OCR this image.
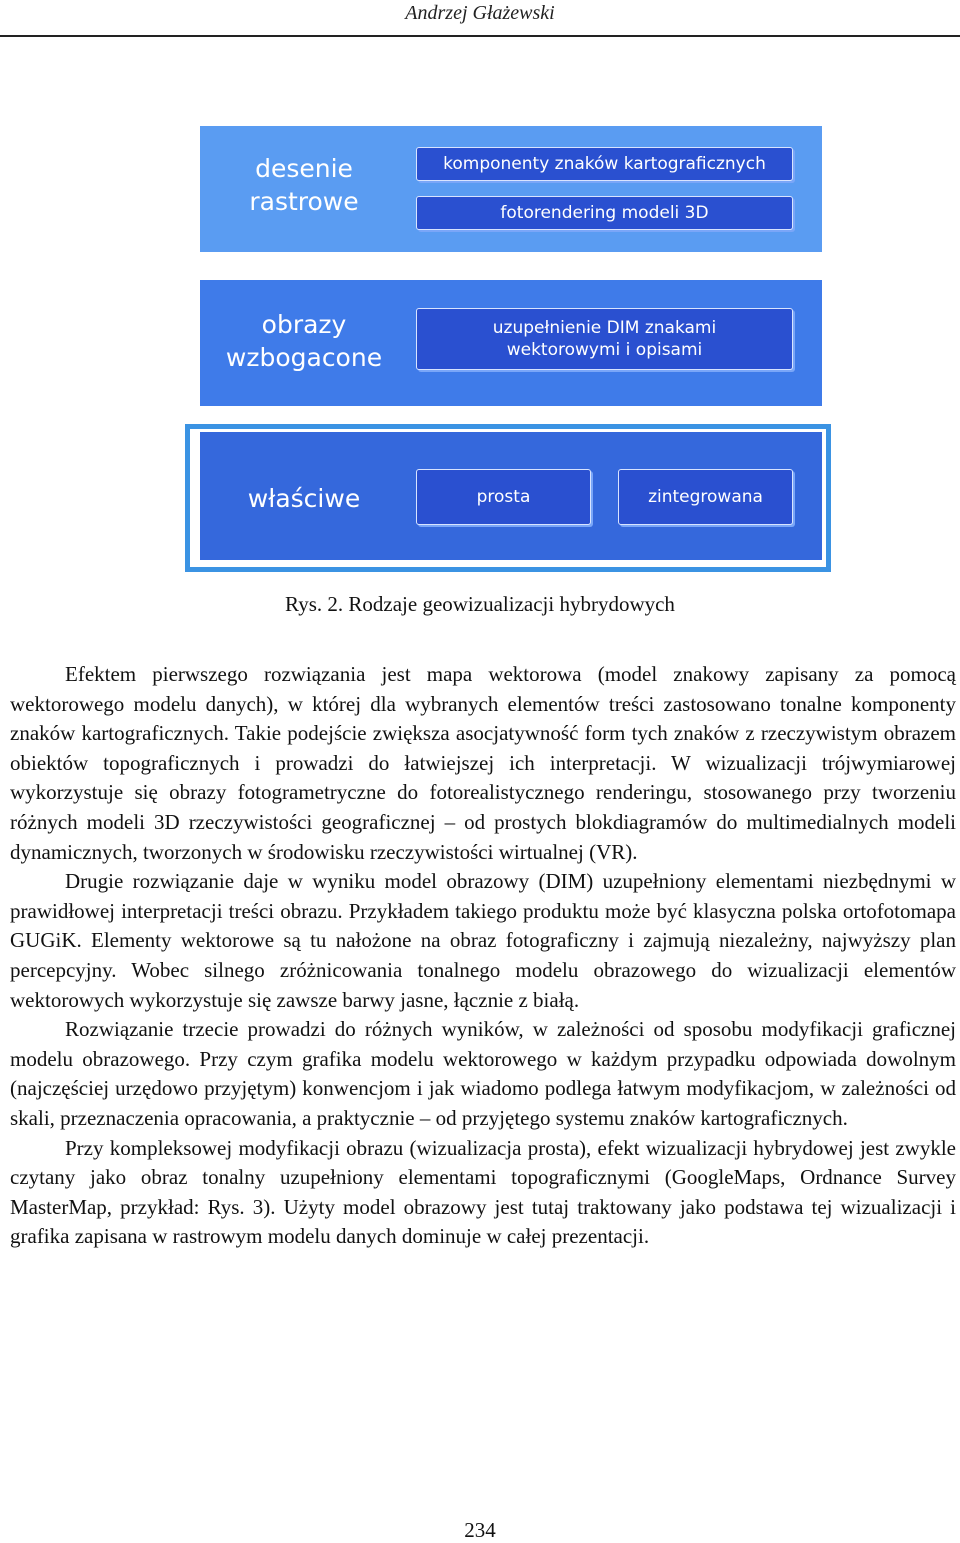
Andrzej Głażewski
desenie
rastrowe
komponenty znaków kartograficznych
fotorendering modeli 3D
obrazy
wzbogacone
uzupełnienie DIM znakami
wektorowymi i opisami
właściwe	prosta	zintegrowana
Rys. 2. Rodzaje geowizualizacji hybrydowych

Efektem pierwszego rozwiązania jest mapa wektorowa (model znakowy zapisany za pomocą wektorowego modelu danych), w której dla wybranych elementów treści zastosowano tonalne komponenty znaków kartograficznych. Takie podejście zwiększa asocjatywność form tych znaków z rzeczywistym obrazem obiektów topograficznych i prowadzi do łatwiejszej ich interpretacji. W wizualizacji trójwymiarowej wykorzystuje się obrazy fotogrametryczne do fotorealistycznego renderingu, stosowanego przy tworzeniu różnych modeli 3D rzeczywistości geograficznej – od prostych blokdiagramów do multimedialnych modeli dynamicznych, tworzonych w środowisku rzeczywistości wirtualnej (VR).

Drugie rozwiązanie daje w wyniku model obrazowy (DIM) uzupełniony elementami niezbędnymi w prawidłowej interpretacji treści obrazu. Przykładem takiego produktu może być klasyczna polska ortofotomapa GUGiK. Elementy wektorowe są tu nałożone na obraz fotograficzny i zajmują niezależny, najwyższy plan percepcyjny. Wobec silnego zróżnicowania tonalnego modelu obrazowego do wizualizacji elementów wektorowych wykorzystuje się zawsze barwy jasne, łącznie z białą.

Rozwiązanie trzecie prowadzi do różnych wyników, w zależności od sposobu modyfikacji graficznej modelu obrazowego. Przy czym grafika modelu wektorowego w każdym przypadku odpowiada dowolnym (najczęściej urzędowo przyjętym) konwencjom i jak wiadomo podlega łatwym modyfikacjom, w zależności od skali, przeznaczenia opracowania, a praktycznie – od przyjętego systemu znaków kartograficznych.

Przy kompleksowej modyfikacji obrazu (wizualizacja prosta), efekt wizualizacji hybrydowej jest zwykle czytany jako obraz tonalny uzupełniony elementami topograficznymi (GoogleMaps, Ordnance Survey MasterMap, przykład: Rys. 3). Użyty model obrazowy jest tutaj traktowany jako podstawa tej wizualizacji i grafika zapisana w rastrowym modelu danych dominuje w całej prezentacji.

234
